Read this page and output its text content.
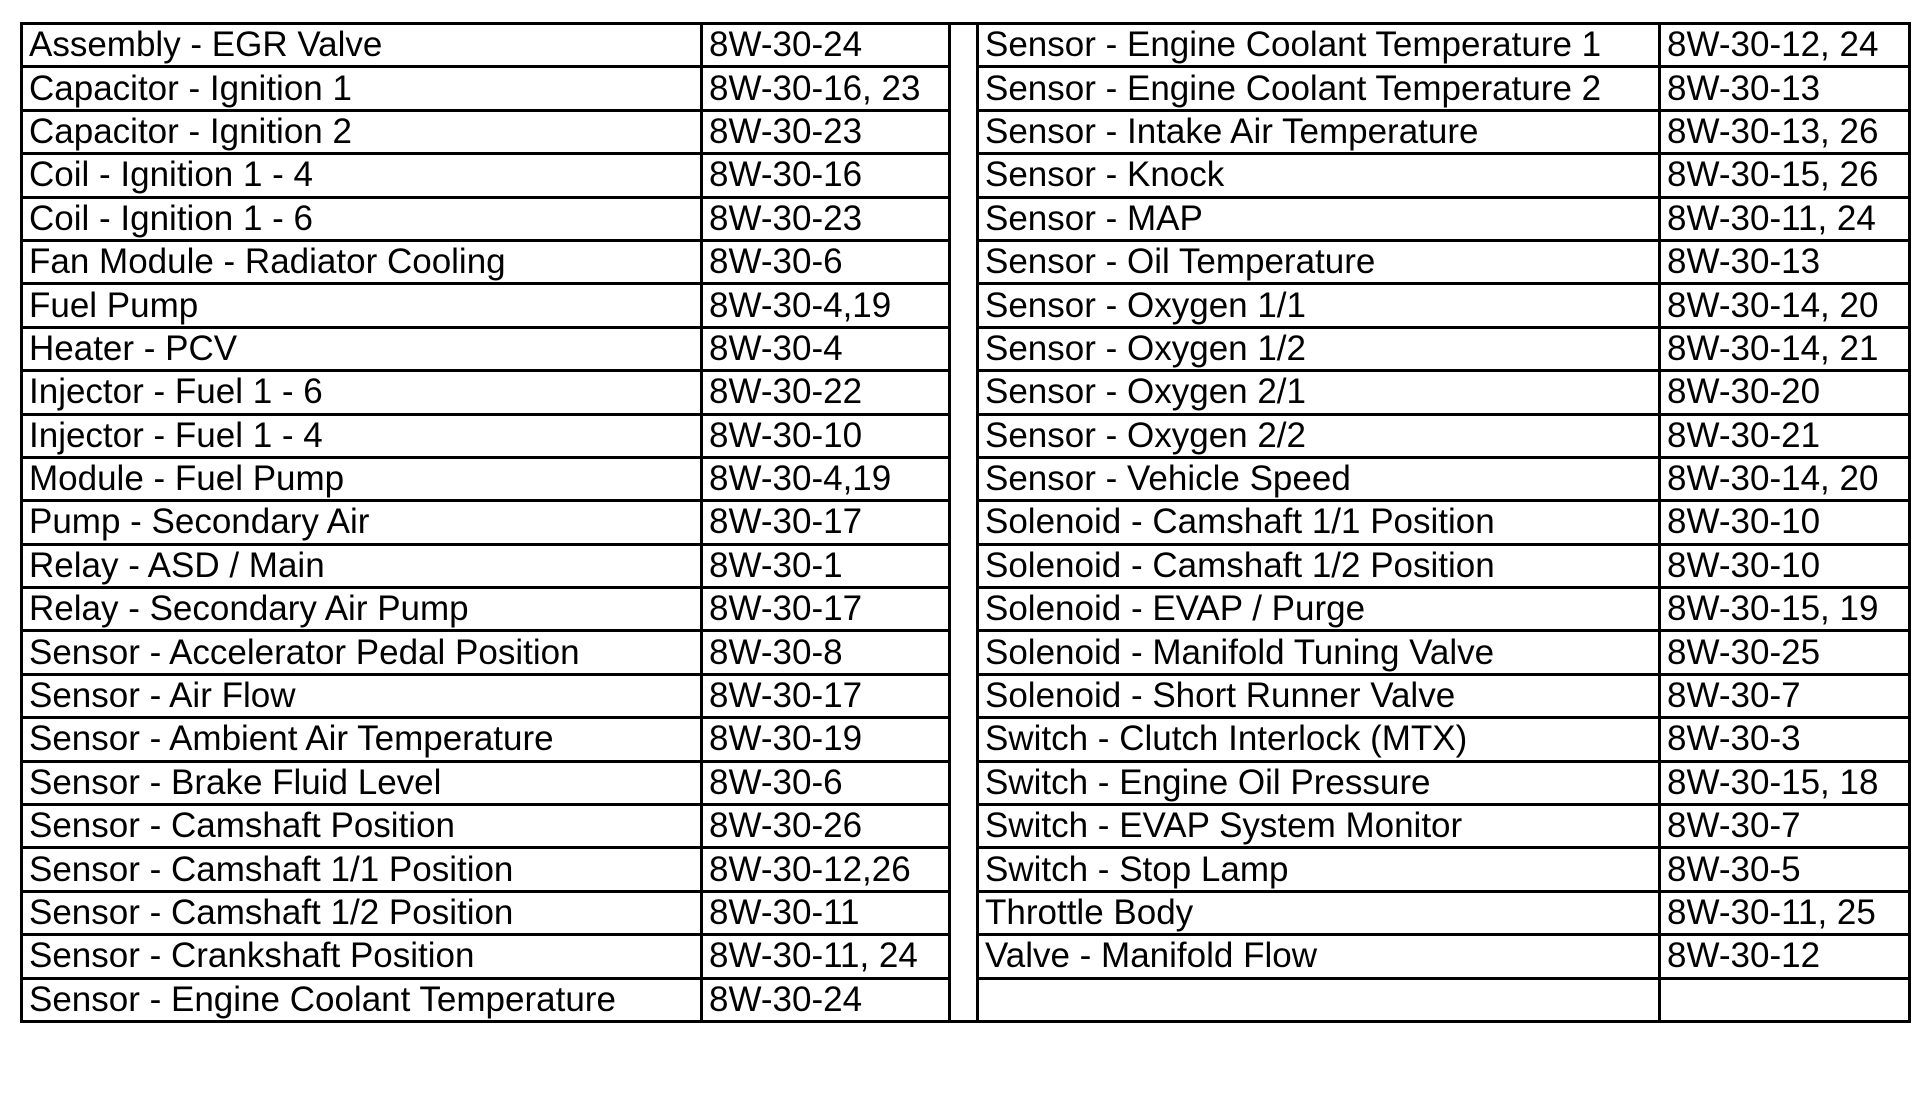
Assembly - EGR Valve	8W-30-24		Sensor - Engine Coolant Temperature 1	8W-30-12, 24
Capacitor - Ignition 1	8W-30-16, 23		Sensor - Engine Coolant Temperature 2	8W-30-13
Capacitor - Ignition 2	8W-30-23		Sensor - Intake Air Temperature	8W-30-13, 26
Coil - Ignition 1 - 4	8W-30-16		Sensor - Knock	8W-30-15, 26
Coil - Ignition 1 - 6	8W-30-23		Sensor - MAP	8W-30-11, 24
Fan Module - Radiator Cooling	8W-30-6		Sensor - Oil Temperature	8W-30-13
Fuel Pump	8W-30-4,19		Sensor - Oxygen 1/1	8W-30-14, 20
Heater - PCV	8W-30-4		Sensor - Oxygen 1/2	8W-30-14, 21
Injector - Fuel 1 - 6	8W-30-22		Sensor - Oxygen 2/1	8W-30-20
Injector - Fuel 1 - 4	8W-30-10		Sensor - Oxygen 2/2	8W-30-21
Module - Fuel Pump	8W-30-4,19		Sensor - Vehicle Speed	8W-30-14, 20
Pump - Secondary Air	8W-30-17		Solenoid - Camshaft 1/1 Position	8W-30-10
Relay - ASD / Main	8W-30-1		Solenoid - Camshaft 1/2 Position	8W-30-10
Relay - Secondary Air Pump	8W-30-17		Solenoid - EVAP / Purge	8W-30-15, 19
Sensor - Accelerator Pedal Position	8W-30-8		Solenoid - Manifold Tuning Valve	8W-30-25
Sensor - Air Flow	8W-30-17		Solenoid - Short Runner Valve	8W-30-7
Sensor - Ambient Air Temperature	8W-30-19		Switch - Clutch Interlock (MTX)	8W-30-3
Sensor - Brake Fluid Level	8W-30-6		Switch - Engine Oil Pressure	8W-30-15, 18
Sensor - Camshaft Position	8W-30-26		Switch - EVAP System Monitor	8W-30-7
Sensor - Camshaft 1/1 Position	8W-30-12,26		Switch - Stop Lamp	8W-30-5
Sensor - Camshaft 1/2 Position	8W-30-11		Throttle Body	8W-30-11, 25
Sensor - Crankshaft Position	8W-30-11, 24		Valve - Manifold Flow	8W-30-12
Sensor - Engine Coolant Temperature	8W-30-24			
